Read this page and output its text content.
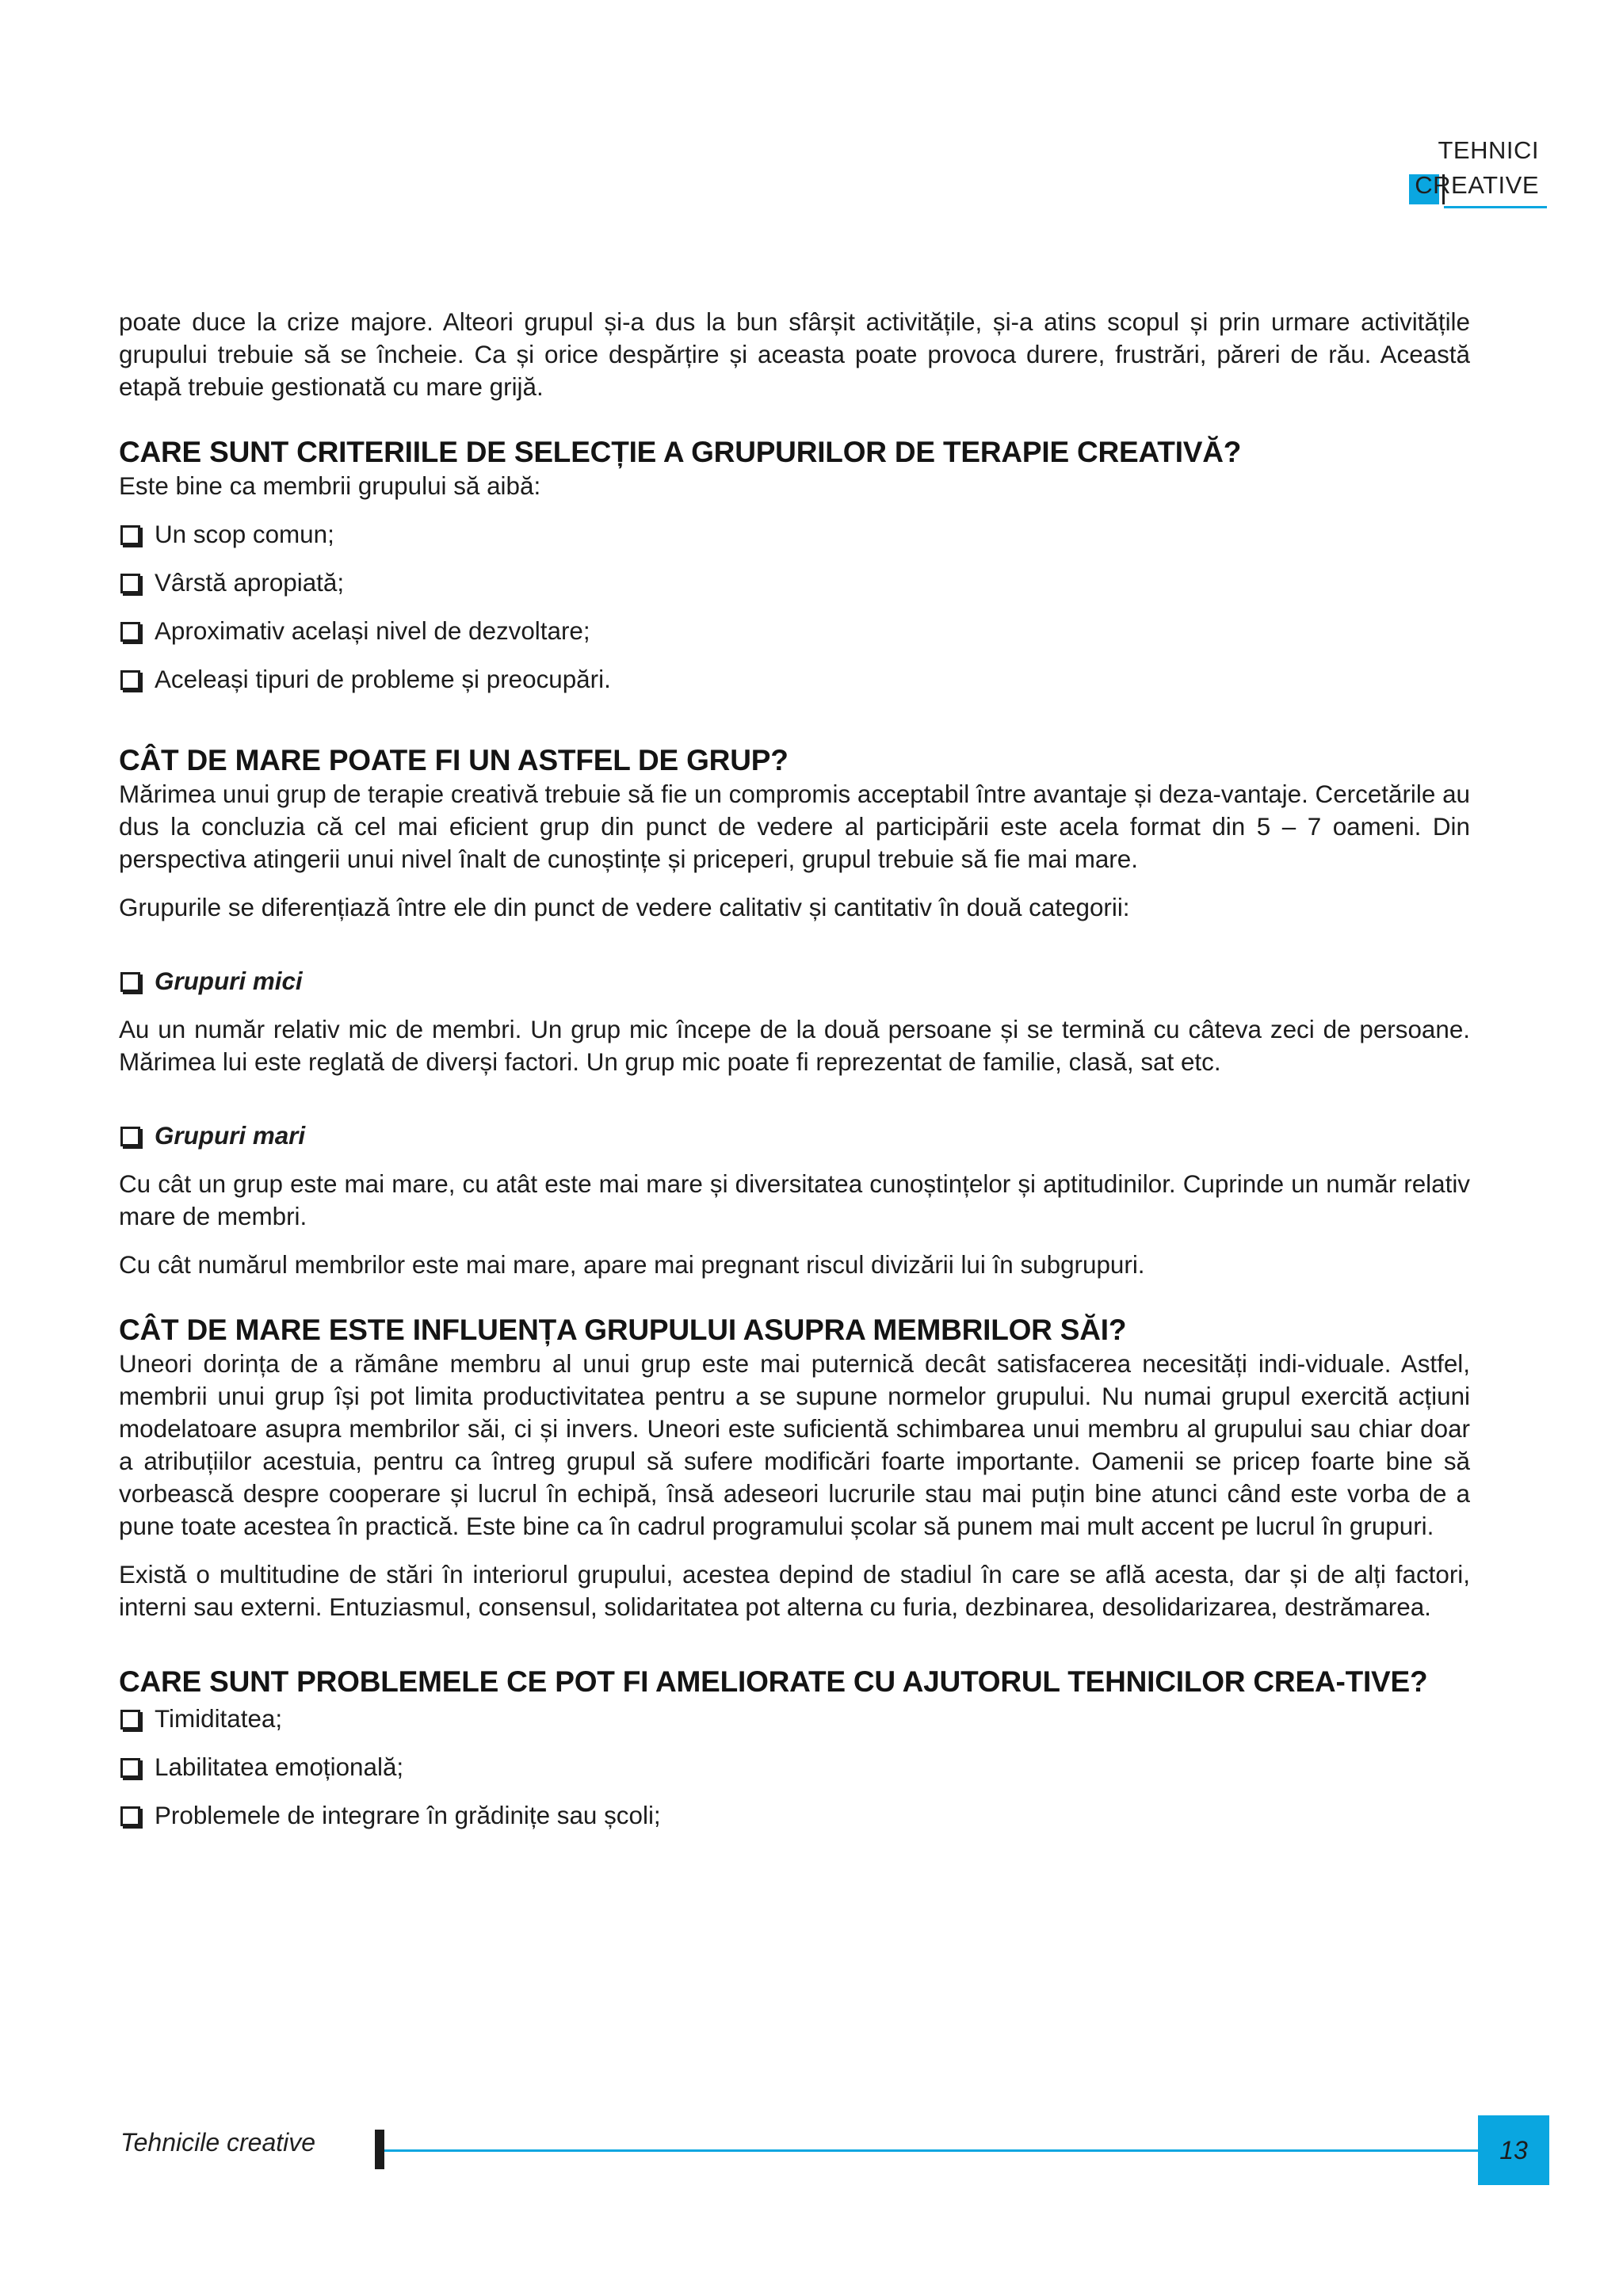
TEHNICI
CREATIVE

poate duce la crize majore. Alteori grupul și-a dus la bun sfârșit activitățile, și-a atins scopul și prin urmare activitățile grupului trebuie să se încheie. Ca și orice despărțire și aceasta poate provoca durere, frustrări, păreri de rău. Această etapă trebuie gestionată cu mare grijă.

CARE SUNT CRITERIILE DE SELECȚIE A GRUPURILOR DE TERAPIE CREATIVĂ?

Este bine ca membrii grupului să aibă:

Un scop comun;
Vârstă apropiată;
Aproximativ același nivel de dezvoltare;
Aceleași tipuri de probleme și preocupări.
CÂT DE MARE POATE FI UN ASTFEL DE GRUP?

Mărimea unui grup de terapie creativă trebuie să fie un compromis acceptabil între avantaje și deza-vantaje. Cercetările au dus la concluzia că cel mai eficient grup din punct de vedere al participării este acela format din 5 – 7 oameni. Din perspectiva atingerii unui nivel înalt de cunoștințe și priceperi, grupul trebuie să fie mai mare.

Grupurile se diferențiază între ele din punct de vedere calitativ și cantitativ în două categorii:

Grupuri mici

Au un număr relativ mic de membri. Un grup mic începe de la două persoane și se termină cu câteva zeci de persoane. Mărimea lui este reglată de diverși factori. Un grup mic poate fi reprezentat de familie, clasă, sat etc.

Grupuri mari

Cu cât un grup este mai mare, cu atât este mai mare și diversitatea cunoștințelor și aptitudinilor. Cuprinde un număr relativ mare de membri.

Cu cât numărul membrilor este mai mare, apare mai pregnant riscul divizării lui în subgrupuri.

CÂT DE MARE ESTE INFLUENȚA GRUPULUI ASUPRA MEMBRILOR SĂI?

Uneori dorința de a rămâne membru al unui grup este mai puternică decât satisfacerea necesități indi-viduale. Astfel, membrii unui grup își pot limita productivitatea pentru a se supune normelor grupului. Nu numai grupul exercită acțiuni modelatoare asupra membrilor săi, ci și invers. Uneori este suficientă schimbarea unui membru al grupului sau chiar doar a atribuțiilor acestuia, pentru ca întreg grupul să sufere modificări foarte importante. Oamenii se pricep foarte bine să vorbească despre cooperare și lucrul în echipă, însă adeseori lucrurile stau mai puțin bine atunci când este vorba de a pune toate acestea în practică. Este bine ca în cadrul programului școlar să punem mai mult accent pe lucrul în grupuri.

Există o multitudine de stări în interiorul grupului, acestea depind de stadiul în care se află acesta, dar și de alți factori, interni sau externi. Entuziasmul, consensul, solidaritatea pot alterna cu furia, dezbinarea, desolidarizarea, destrămarea.

CARE SUNT PROBLEMELE CE POT FI AMELIORATE CU AJUTORUL TEHNICILOR CREA-TIVE?
Timiditatea;
Labilitatea emoțională;
Problemele de integrare în grădinițe sau școli;
Tehnicile creative	13
